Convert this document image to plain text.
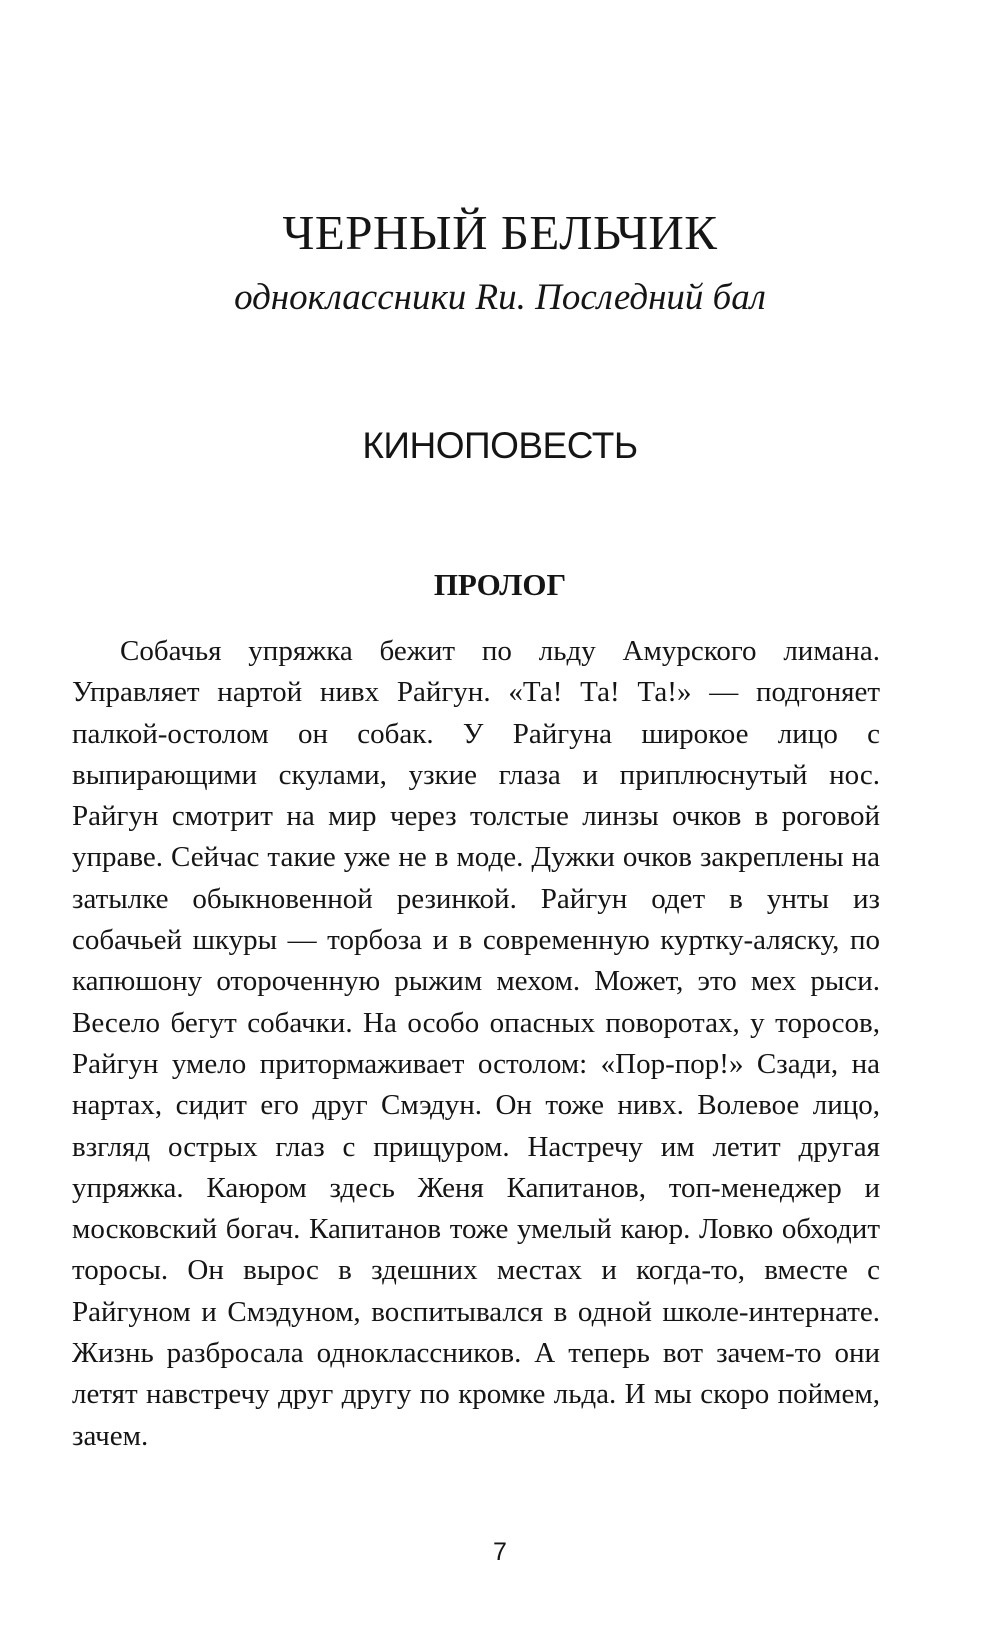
ЧЕРНЫЙ БЕЛЬЧИК

одноклассники Ru. Последний бал

КИНОПОВЕСТЬ

ПРОЛОГ

Собачья упряжка бежит по льду Амурского лимана. Управляет нартой нивх Райгун. «Та! Та! Та!» — подгоняет палкой-остолом он собак. У Райгуна широкое лицо с выпирающими скулами, узкие глаза и приплюснутый нос. Райгун смотрит на мир через толстые линзы очков в роговой управе. Сейчас такие уже не в моде. Дужки очков закреплены на затылке обыкновенной резинкой. Райгун одет в унты из собачьей шкуры — торбоза и в современную куртку-аляску, по капюшону отороченную рыжим мехом. Может, это мех рыси. Весело бегут собачки. На особо опасных поворотах, у торосов, Райгун умело притормаживает остолом: «Пор-пор!» Сзади, на нартах, сидит его друг Смэдун. Он тоже нивх. Волевое лицо, взгляд острых глаз с прищуром. Настречу им летит другая упряжка. Каюром здесь Женя Капитанов, топ-менеджер и московский богач. Капитанов тоже умелый каюр. Ловко обходит торосы. Он вырос в здешних местах и когда-то, вместе с Райгуном и Смэдуном, воспитывался в одной школе-интернате. Жизнь разбросала одноклассников. А теперь вот зачем-то они летят навстречу друг другу по кромке льда. И мы скоро поймем, зачем.

7
